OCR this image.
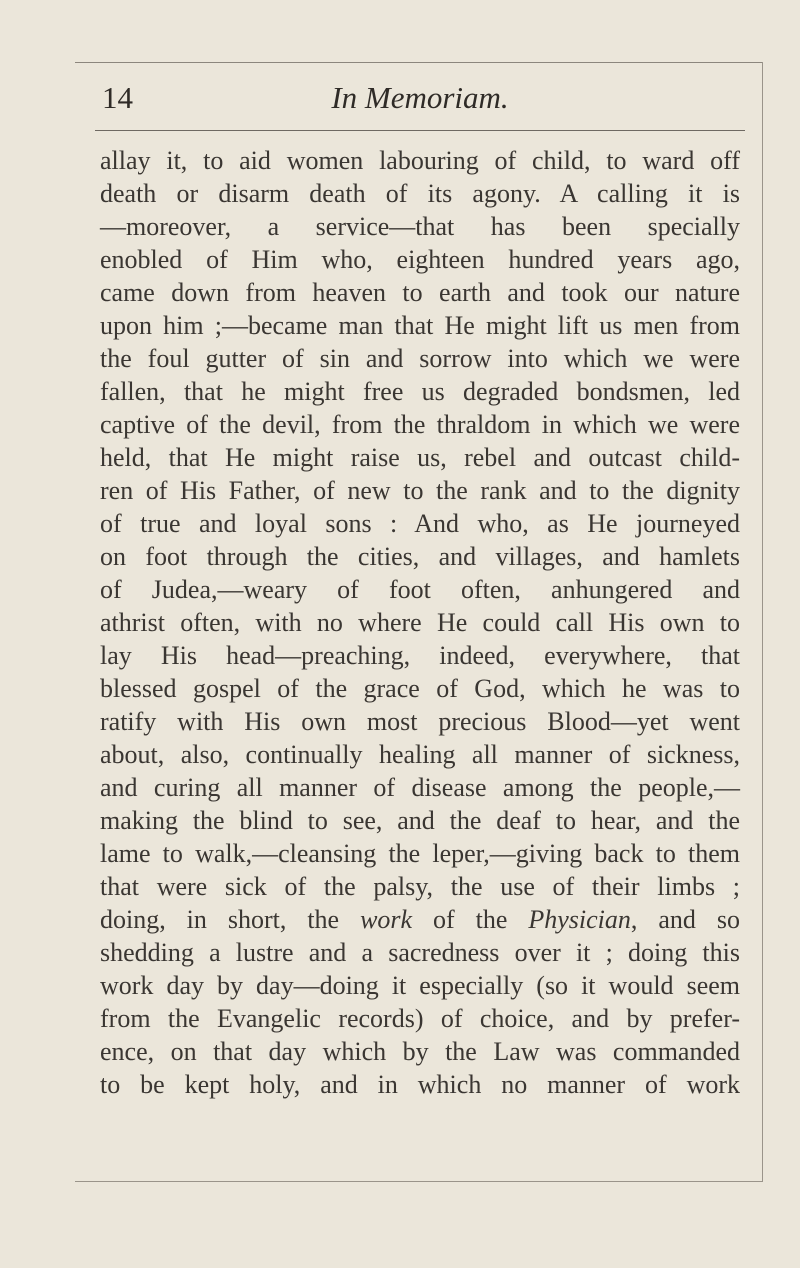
14	In Memoriam.
allay it, to aid women labouring of child, to ward off
death or disarm death of its agony. A calling it is
—moreover, a service—that has been specially
enobled of Him who, eighteen hundred years ago,
came down from heaven to earth and took our nature
upon him ;—became man that He might lift us men from
the foul gutter of sin and sorrow into which we were
fallen, that he might free us degraded bondsmen, led
captive of the devil, from the thraldom in which we were
held, that He might raise us, rebel and outcast child-
ren of His Father, of new to the rank and to the dignity
of true and loyal sons : And who, as He journeyed
on foot through the cities, and villages, and hamlets
of Judea,—weary of foot often, anhungered and
athrist often, with no where He could call His own to
lay His head—preaching, indeed, everywhere, that
blessed gospel of the grace of God, which he was to
ratify with His own most precious Blood—yet went
about, also, continually healing all manner of sickness,
and curing all manner of disease among the people,—
making the blind to see, and the deaf to hear, and the
lame to walk,—cleansing the leper,—giving back to them
that were sick of the palsy, the use of their limbs ;
doing, in short, the work of the Physician, and so
shedding a lustre and a sacredness over it ; doing this
work day by day—doing it especially (so it would seem
from the Evangelic records) of choice, and by prefer-
ence, on that day which by the Law was commanded
to be kept holy, and in which no manner of work
